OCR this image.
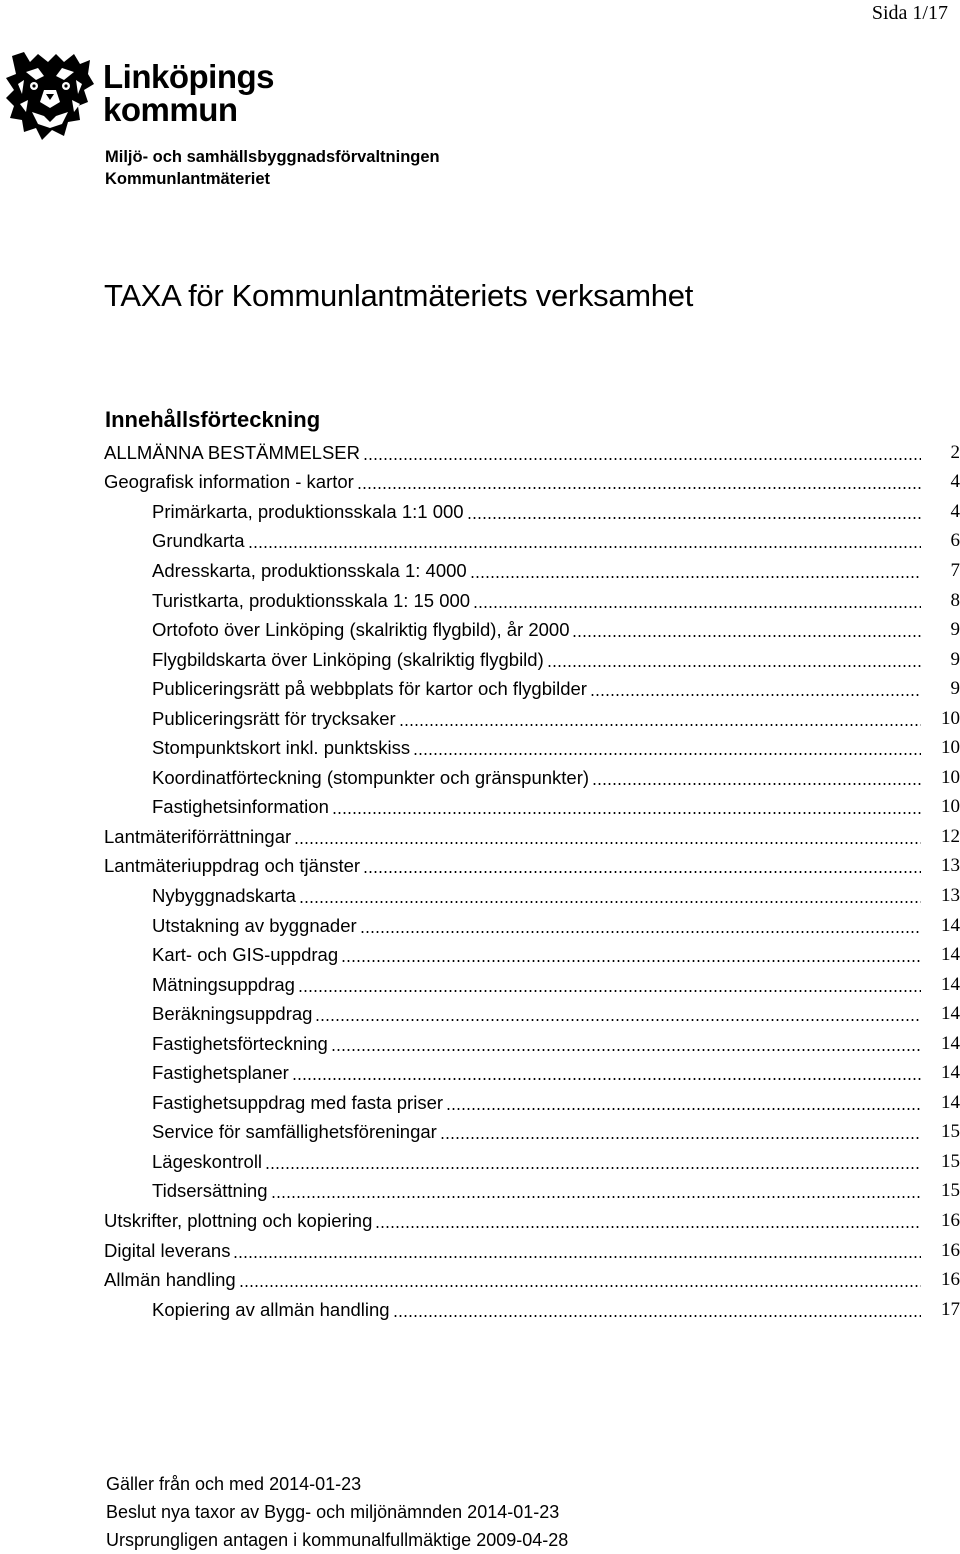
Sida 1/17
Linköpings
kommun
Miljö- och samhällsbyggnadsförvaltningen
Kommunlantmäteriet
TAXA för Kommunlantmäteriets verksamhet
Innehållsförteckning
ALLMÄNNA BESTÄMMELSER	2
Geografisk information - kartor	4
Primärkarta, produktionsskala 1:1 000	4
Grundkarta	6
Adresskarta, produktionsskala 1: 4000	7
Turistkarta, produktionsskala 1: 15 000	8
Ortofoto över Linköping (skalriktig flygbild), år 2000	9
Flygbildskarta över Linköping (skalriktig flygbild)	9
Publiceringsrätt på webbplats för kartor och flygbilder	9
Publiceringsrätt för trycksaker	10
Stompunktskort inkl. punktskiss	10
Koordinatförteckning (stompunkter och gränspunkter)	10
Fastighetsinformation	10
Lantmäteriförrättningar	12
Lantmäteriuppdrag och tjänster	13
Nybyggnadskarta	13
Utstakning av byggnader	14
Kart- och GIS-uppdrag	14
Mätningsuppdrag	14
Beräkningsuppdrag	14
Fastighetsförteckning	14
Fastighetsplaner	14
Fastighetsuppdrag med fasta priser	14
Service för samfällighetsföreningar	15
Lägeskontroll	15
Tidsersättning	15
Utskrifter, plottning och kopiering	16
Digital leverans	16
Allmän handling	16
Kopiering av allmän handling	17
Gäller från och med 2014-01-23
Beslut nya taxor av Bygg- och miljönämnden 2014-01-23
Ursprungligen antagen i kommunalfullmäktige 2009-04-28
